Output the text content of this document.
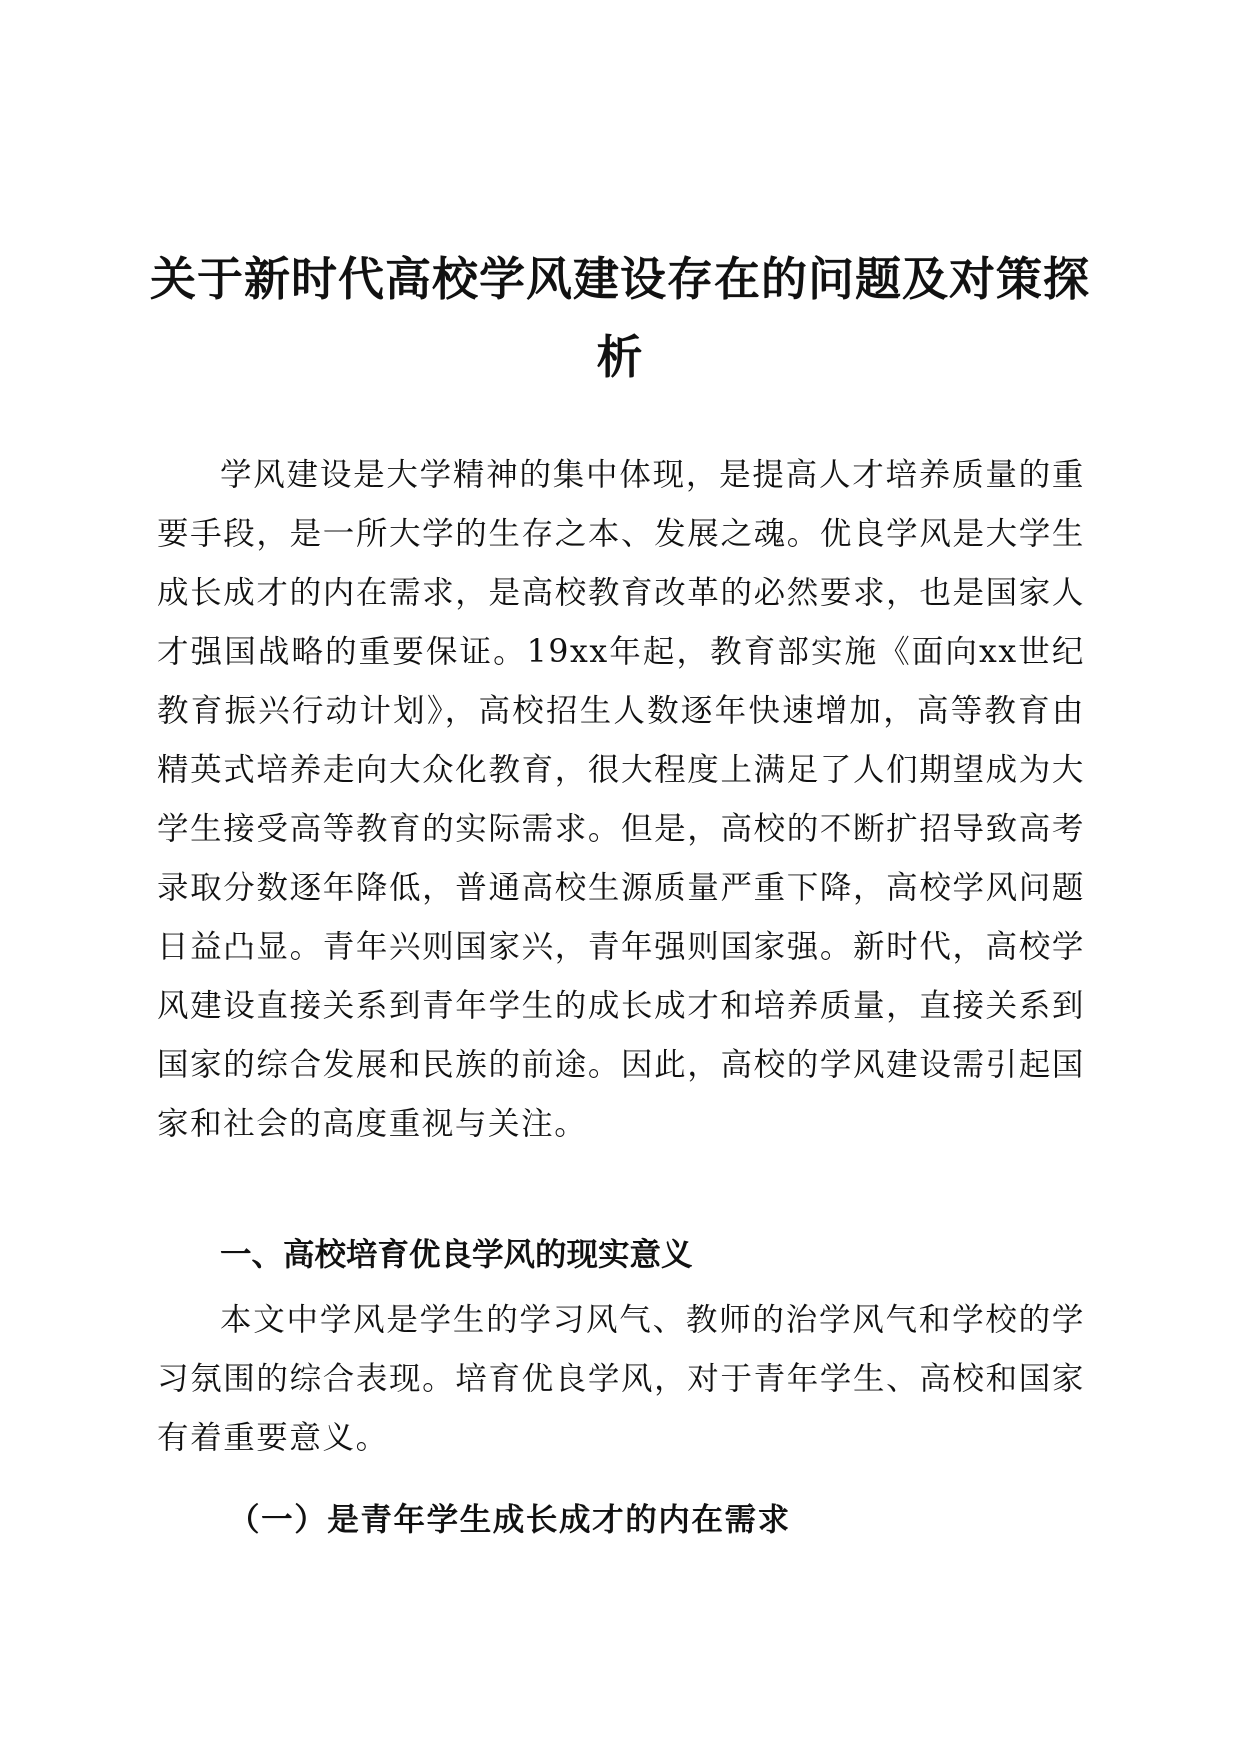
关于新时代高校学风建设存在的问题及对策探析

学风建设是大学精神的集中体现，是提高人才培养质量的重要手段，是一所大学的生存之本、发展之魂。优良学风是大学生成长成才的内在需求，是高校教育改革的必然要求，也是国家人才强国战略的重要保证。19xx年起，教育部实施《面向xx世纪教育振兴行动计划》，高校招生人数逐年快速增加，高等教育由精英式培养走向大众化教育，很大程度上满足了人们期望成为大学生接受高等教育的实际需求。但是，高校的不断扩招导致高考录取分数逐年降低，普通高校生源质量严重下降，高校学风问题日益凸显。青年兴则国家兴，青年强则国家强。新时代，高校学风建设直接关系到青年学生的成长成才和培养质量，直接关系到国家的综合发展和民族的前途。因此，高校的学风建设需引起国家和社会的高度重视与关注。

一、高校培育优良学风的现实意义

本文中学风是学生的学习风气、教师的治学风气和学校的学习氛围的综合表现。培育优良学风，对于青年学生、高校和国家有着重要意义。

（一）是青年学生成长成才的内在需求
